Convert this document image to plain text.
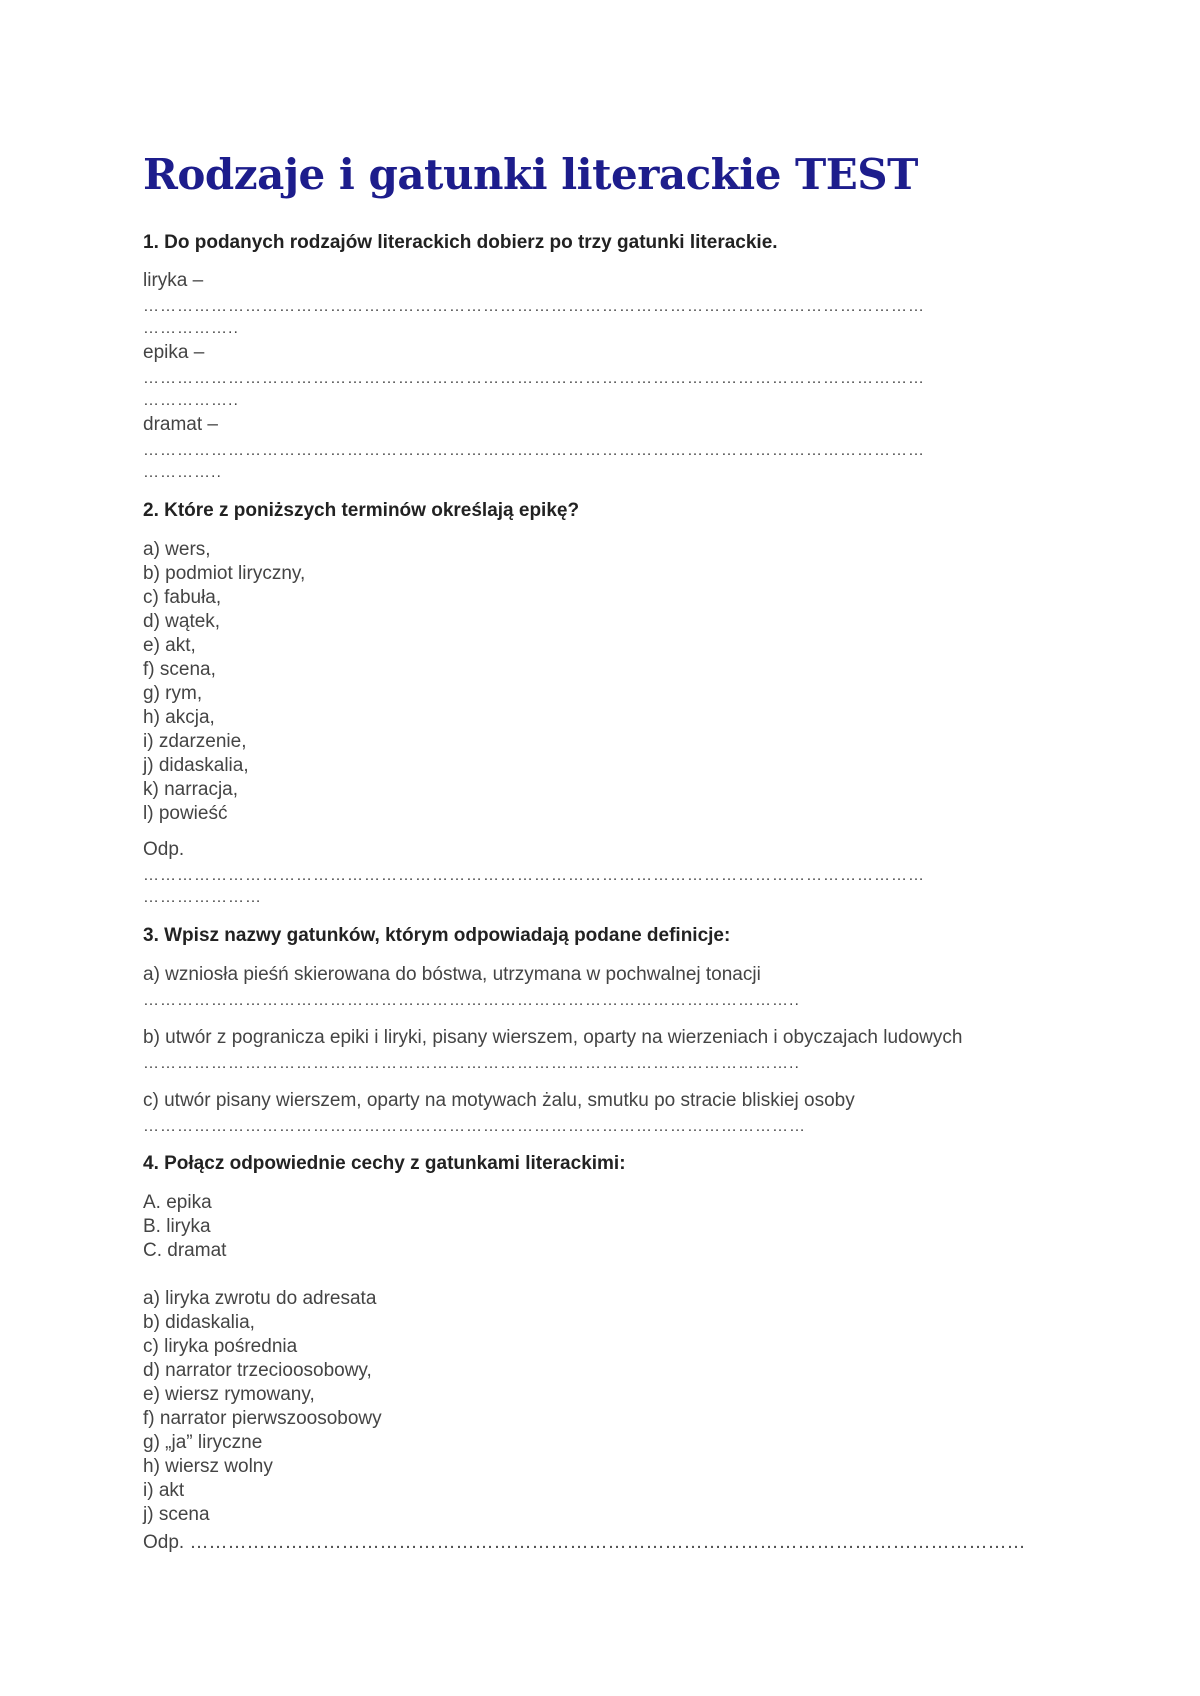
Rodzaje i gatunki literackie TEST

1. Do podanych rodzajów literackich dobierz po trzy gatunki literackie.

liryka –

…………………………………………………………………………………………………………………………

……………..

epika –

…………………………………………………………………………………………………………………………

……………..

dramat –

…………………………………………………………………………………………………………………………

…………..

2. Które z poniższych terminów określają epikę?

a) wers,
b) podmiot liryczny,
c) fabuła,
d) wątek,
e) akt,
f) scena,
g) rym,
h) akcja,
i) zdarzenie,
j) didaskalia,
k) narracja,
l) powieść

Odp.

…………………………………………………………………………………………………………………………

…………………

3. Wpisz nazwy gatunków, którym odpowiadają podane definicje:

a) wzniosła pieśń skierowana do bóstwa, utrzymana w pochwalnej tonacji

……………………………………………………………………………………………………..

b) utwór z pogranicza epiki i liryki, pisany wierszem, oparty na wierzeniach i obyczajach ludowych

……………………………………………………………………………………………………..

c) utwór pisany wierszem, oparty na motywach żalu, smutku po stracie bliskiej osoby

………………………………………………………………………………………………………

4. Połącz odpowiednie cechy z gatunkami literackimi:

A. epika
B. liryka
C. dramat
a) liryka zwrotu do adresata
b) didaskalia,
c) liryka pośrednia
d) narrator trzecioosobowy,
e) wiersz rymowany,
f) narrator pierwszoosobowy
g) „ja” liryczne
h) wiersz wolny
i) akt
j) scena

Odp. ……………………………………………………………………………………………………………………
